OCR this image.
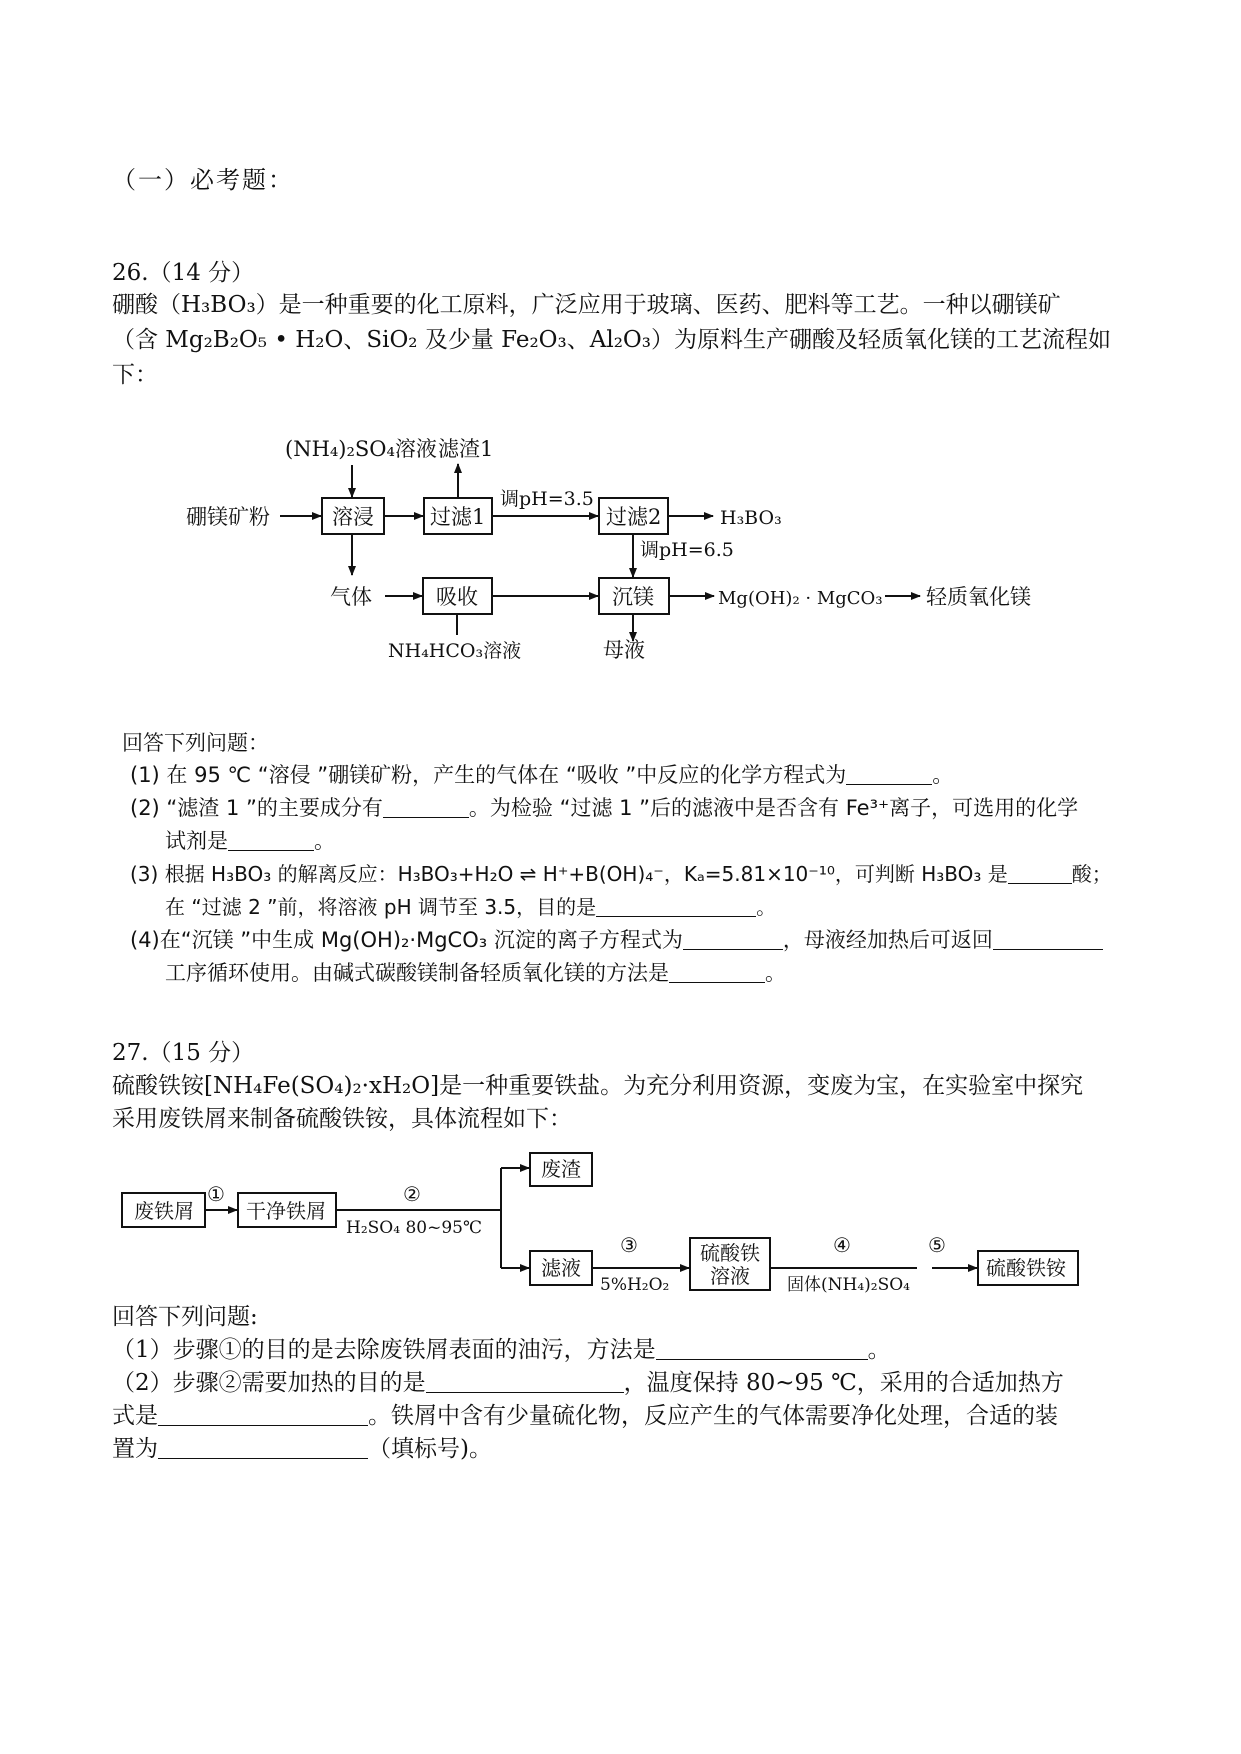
（一）必考题：
26.（14 分）
硼酸（H₃BO₃）是一种重要的化工原料，广泛应用于玻璃、医药、肥料等工艺。一种以硼镁矿
（含 Mg₂B₂O₅ • H₂O、SiO₂ 及少量 Fe₂O₃、Al₂O₃）为原料生产硼酸及轻质氧化镁的工艺流程如
下：
(NH₄)₂SO₄溶液 滤渣1
硼镁矿粉	溶浸	过滤1
调pH=3.5
过滤2	H₃BO₃
调pH=6.5
气体	吸收	沉镁	Mg(OH)₂ · MgCO₃ 轻质氧化镁
NH₄HCO₃溶液	母液
回答下列问题：
(1) 在 95 ℃ “溶侵 ”硼镁矿粉，产生的气体在 “吸收 ”中反应的化学方程式为	。
(2) “滤渣 1 ”的主要成分有	。为检验 “过滤 1 ”后的滤液中是否含有 Fe³⁺离子，可选用的化学
试剂是	。
(3) 根据 H₃BO₃ 的解离反应：H₃BO₃+H₂O ⇌ H⁺+B(OH)₄⁻，Kₐ=5.81×10⁻¹⁰，可判断 H₃BO₃ 是	酸；
在 “过滤 2 ”前，将溶液 pH 调节至 3.5，目的是	。
(4)在“沉镁 ”中生成 Mg(OH)₂·MgCO₃ 沉淀的离子方程式为	，母液经加热后可返回
工序循环使用。由碱式碳酸镁制备轻质氧化镁的方法是	。
27.（15 分）
硫酸铁铵[NH₄Fe(SO₄)₂·xH₂O]是一种重要铁盐。为充分利用资源，变废为宝，在实验室中探究
采用废铁屑来制备硫酸铁铵，具体流程如下：
废铁屑
①
干净铁屑
②
H₂SO₄ 80~95℃
废渣
滤液
③
5%H₂O₂
硫酸铁
溶液
④
固体(NH₄)₂SO₄
⑤
硫酸铁铵
回答下列问题:
（1）步骤①的目的是去除废铁屑表面的油污，方法是	。
（2）步骤②需要加热的目的是	，温度保持 80~95 ℃，采用的合适加热方
式是	。铁屑中含有少量硫化物，反应产生的气体需要净化处理，合适的装
置为	（填标号)。
